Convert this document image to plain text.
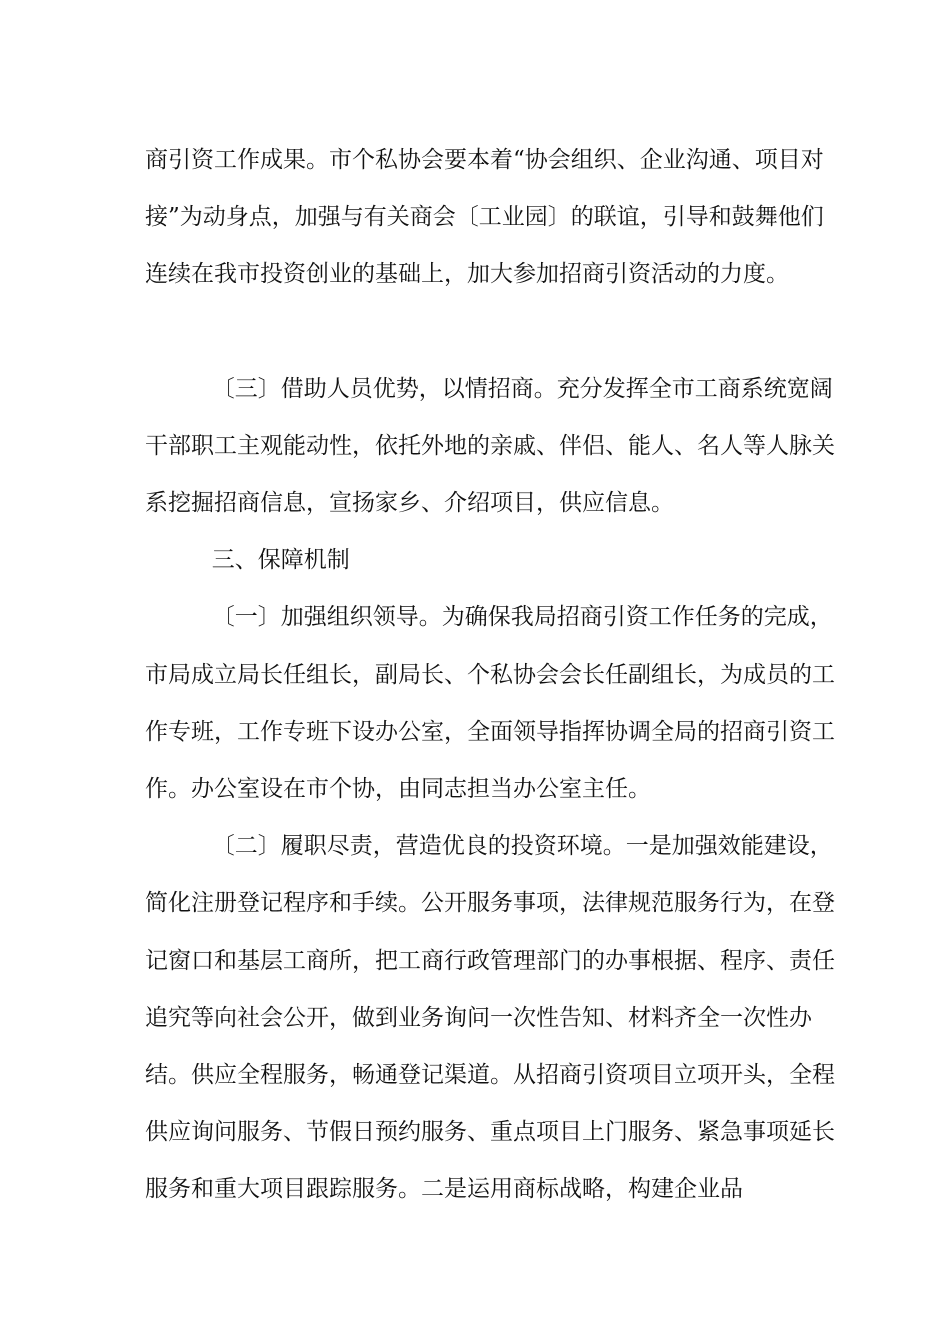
商引资工作成果。市个私协会要本着“协会组织、企业沟通、项目对接”为动身点，加强与有关商会〔工业园〕的联谊，引导和鼓舞他们连续在我市投资创业的基础上，加大参加招商引资活动的力度。

〔三〕借助人员优势，以情招商。充分发挥全市工商系统宽阔干部职工主观能动性，依托外地的亲戚、伴侣、能人、名人等人脉关系挖掘招商信息，宣扬家乡、介绍项目，供应信息。

三、保障机制

〔一〕加强组织领导。为确保我局招商引资工作任务的完成，市局成立局长任组长，副局长、个私协会会长任副组长，为成员的工作专班，工作专班下设办公室，全面领导指挥协调全局的招商引资工作。办公室设在市个协，由同志担当办公室主任。

〔二〕履职尽责，营造优良的投资环境。一是加强效能建设，简化注册登记程序和手续。公开服务事项，法律规范服务行为，在登记窗口和基层工商所，把工商行政管理部门的办事根据、程序、责任追究等向社会公开，做到业务询问一次性告知、材料齐全一次性办结。供应全程服务，畅通登记渠道。从招商引资项目立项开头，全程供应询问服务、节假日预约服务、重点项目上门服务、紧急事项延长服务和重大项目跟踪服务。二是运用商标战略，构建企业品
